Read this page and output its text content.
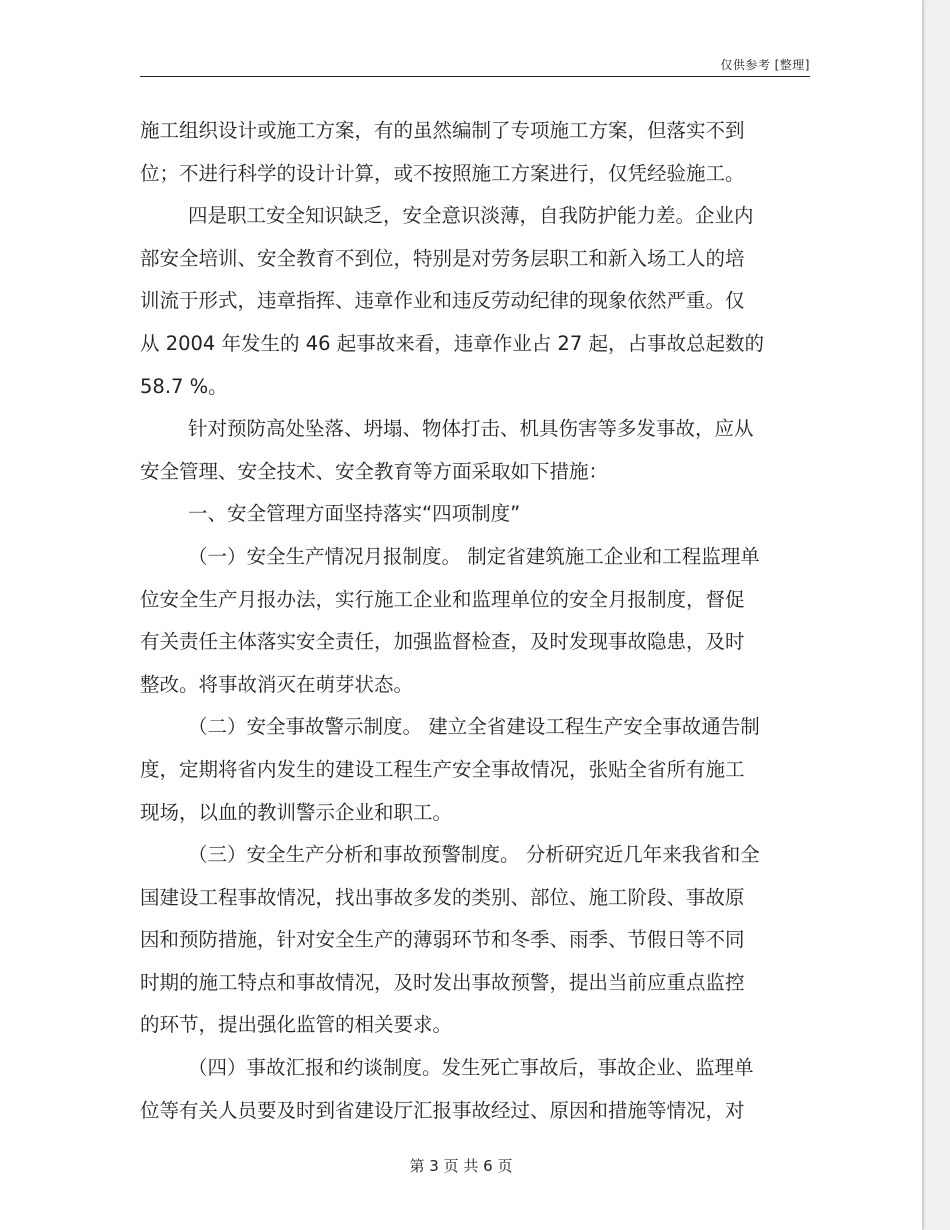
仅供参考 [整理]
施工组织设计或施工方案，有的虽然编制了专项施工方案，但落实不到
位；不进行科学的设计计算，或不按照施工方案进行，仅凭经验施工。
四是职工安全知识缺乏，安全意识淡薄，自我防护能力差。企业内
部安全培训、安全教育不到位，特别是对劳务层职工和新入场工人的培
训流于形式，违章指挥、违章作业和违反劳动纪律的现象依然严重。仅
从 2004 年发生的 46 起事故来看，违章作业占 27 起，占事故总起数的
58.7 %。
针对预防高处坠落、坍塌、物体打击、机具伤害等多发事故，应从
安全管理、安全技术、安全教育等方面采取如下措施：
一、安全管理方面坚持落实“四项制度”
（一）安全生产情况月报制度。 制定省建筑施工企业和工程监理单
位安全生产月报办法，实行施工企业和监理单位的安全月报制度，督促
有关责任主体落实安全责任，加强监督检查，及时发现事故隐患，及时
整改。将事故消灭在萌芽状态。
（二）安全事故警示制度。 建立全省建设工程生产安全事故通告制
度，定期将省内发生的建设工程生产安全事故情况，张贴全省所有施工
现场，以血的教训警示企业和职工。
（三）安全生产分析和事故预警制度。 分析研究近几年来我省和全
国建设工程事故情况，找出事故多发的类别、部位、施工阶段、事故原
因和预防措施，针对安全生产的薄弱环节和冬季、雨季、节假日等不同
时期的施工特点和事故情况，及时发出事故预警，提出当前应重点监控
的环节，提出强化监管的相关要求。
（四）事故汇报和约谈制度。发生死亡事故后，事故企业、监理单
位等有关人员要及时到省建设厅汇报事故经过、原因和措施等情况，对
第 3 页 共 6 页
